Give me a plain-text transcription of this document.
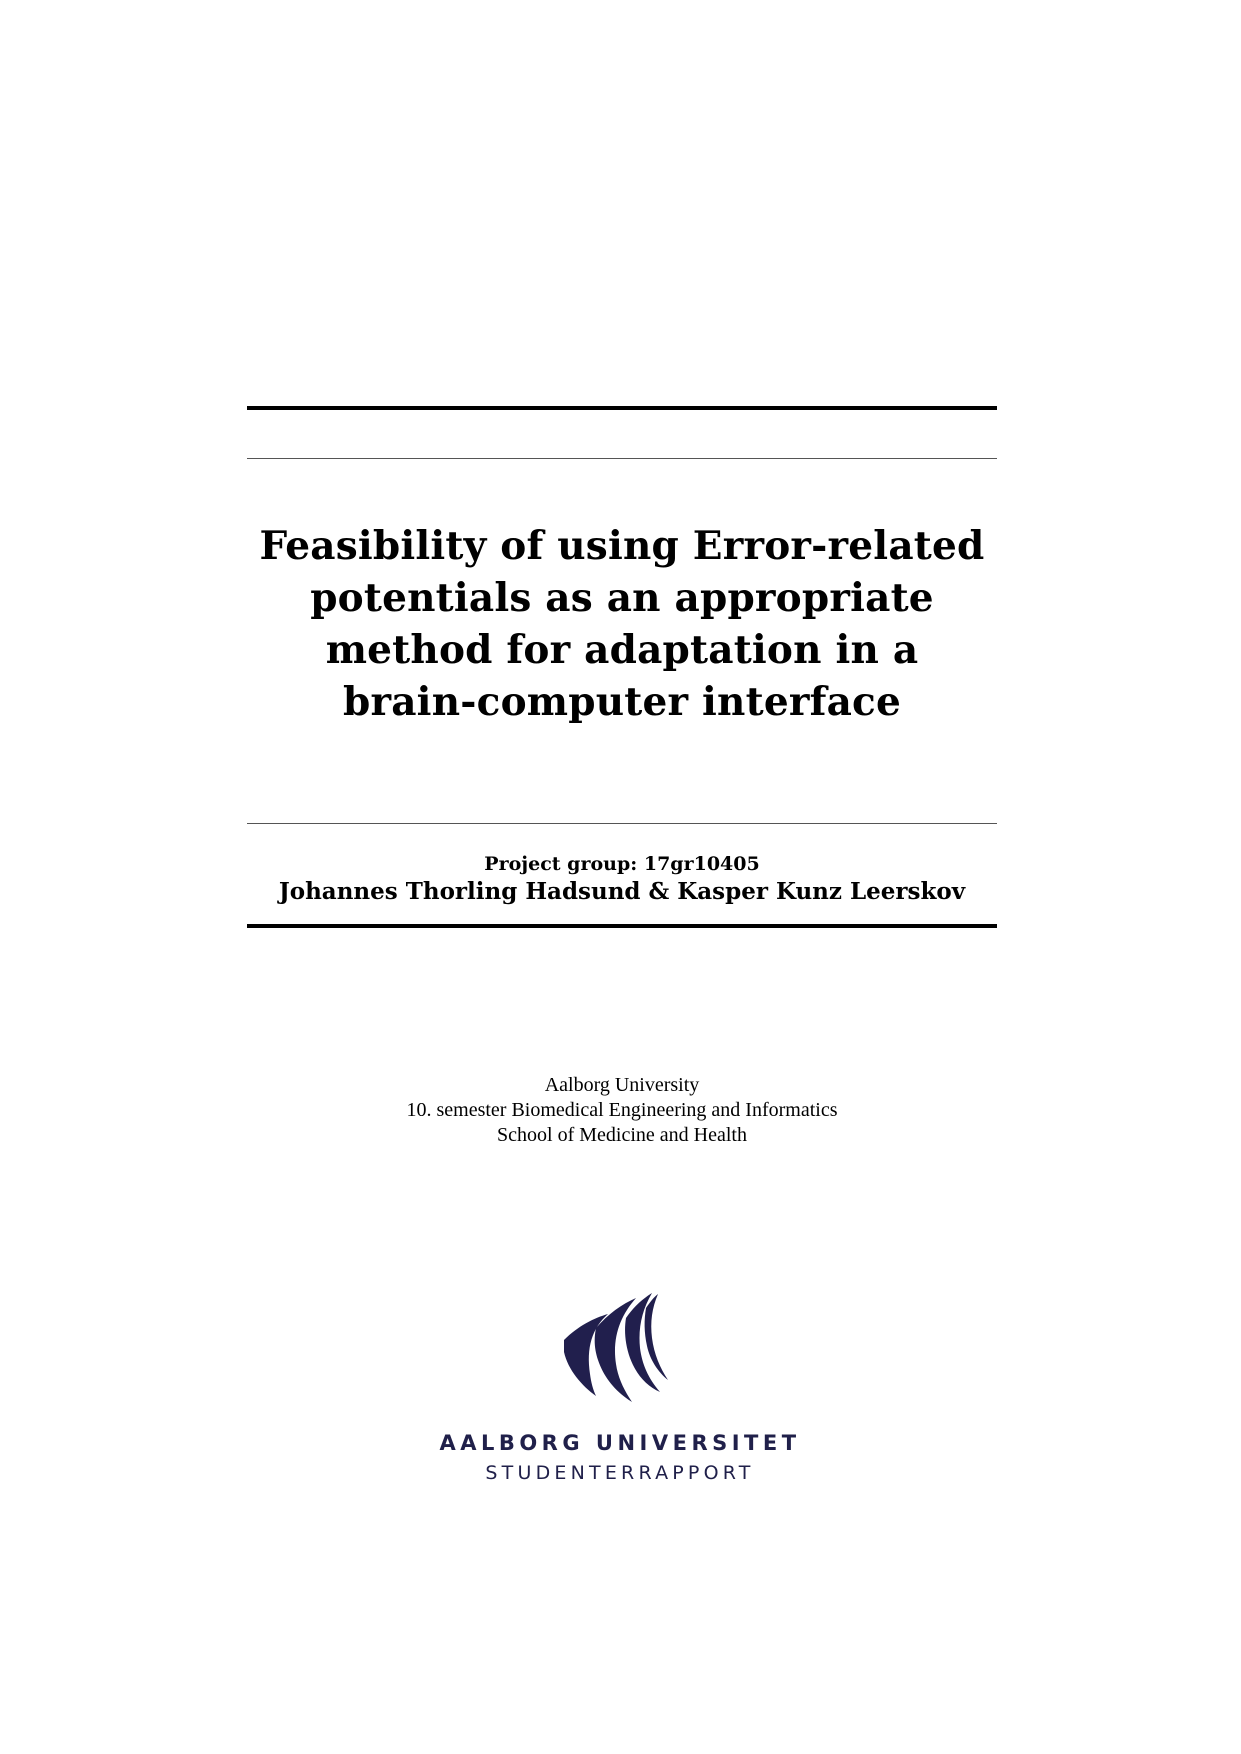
Feasibility of using Error-related
potentials as an appropriate
method for adaptation in a
brain-computer interface
Project group: 17gr10405
Johannes Thorling Hadsund & Kasper Kunz Leerskov
Aalborg University
10. semester Biomedical Engineering and Informatics
School of Medicine and Health
AALBORG UNIVERSITET
STUDENTERRAPPORT
